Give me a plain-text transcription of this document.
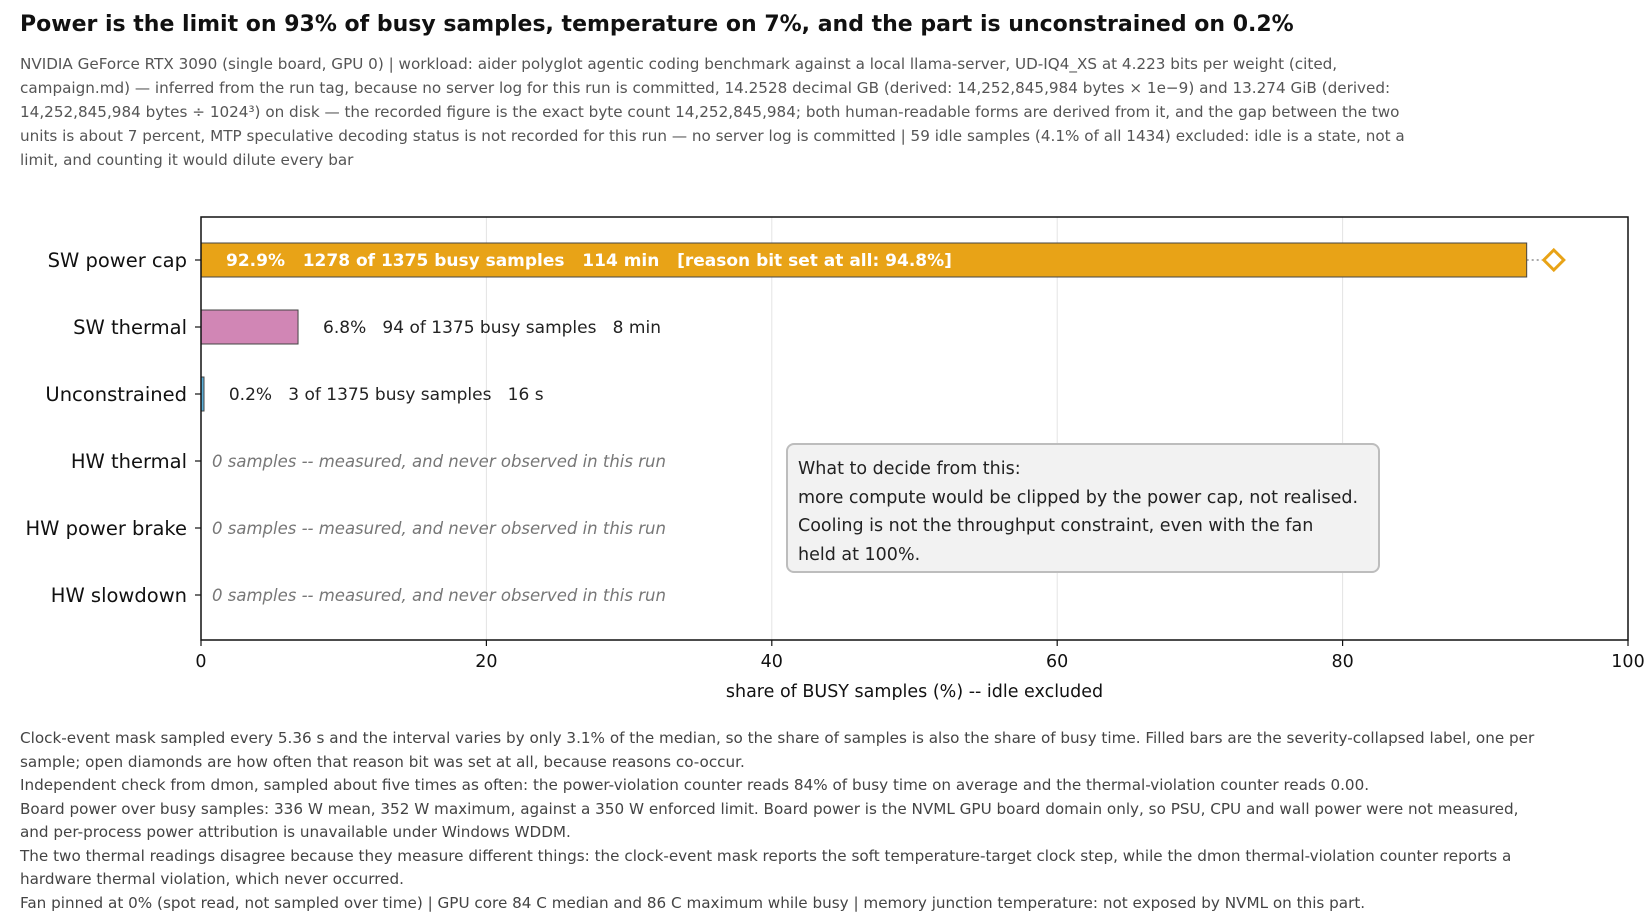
Power is the limit on 93% of busy samples, temperature on 7%, and the part is unconstrained on 0.2%
NVIDIA GeForce RTX 3090 (single board, GPU 0) | workload: aider polyglot agentic coding benchmark against a local llama-server, UD-IQ4_XS at 4.223 bits per weight (cited, campaign.md) — inferred from the run tag, because no server log for this run is committed, 14.2528 decimal GB (derived: 14,252,845,984 bytes × 1e−9) and 13.274 GiB (derived: 14,252,845,984 bytes ÷ 1024³) on disk — the recorded figure is the exact byte count 14,252,845,984; both human-readable forms are derived from it, and the gap between the two units is about 7 percent, MTP speculative decoding status is not recorded for this run — no server log is committed | 59 idle samples (4.1% of all 1434) excluded: idle is a state, not a limit, and counting it would dilute every bar
92.9%   1278 of 1375 busy samples   114 min   [reason bit set at all: 94.8%]
6.8%   94 of 1375 busy samples   8 min
0.2%   3 of 1375 busy samples   16 s
0 samples -- measured, and never observed in this run
0 samples -- measured, and never observed in this run
0 samples -- measured, and never observed in this run
0	20	40	60	80	100
SW power cap
SW thermal
Unconstrained
HW thermal
HW power brake
HW slowdown
share of BUSY samples (%) -- idle excluded
What to decide from this:
more compute would be clipped by the power cap, not realised.
Cooling is not the throughput constraint, even with the fan
held at 100%.

Clock-event mask sampled every 5.36 s and the interval varies by only 3.1% of the median, so the share of samples is also the share of busy time. Filled bars are the severity-collapsed label, one per sample; open diamonds are how often that reason bit was set at all, because reasons co-occur.

Independent check from dmon, sampled about five times as often: the power-violation counter reads 84% of busy time on average and the thermal-violation counter reads 0.00.

Board power over busy samples: 336 W mean, 352 W maximum, against a 350 W enforced limit. Board power is the NVML GPU board domain only, so PSU, CPU and wall power were not measured, and per-process power attribution is unavailable under Windows WDDM.

The two thermal readings disagree because they measure different things: the clock-event mask reports the soft temperature-target clock step, while the dmon thermal-violation counter reports a hardware thermal violation, which never occurred.

Fan pinned at 0% (spot read, not sampled over time) | GPU core 84 C median and 86 C maximum while busy | memory junction temperature: not exposed by NVML on this part.
